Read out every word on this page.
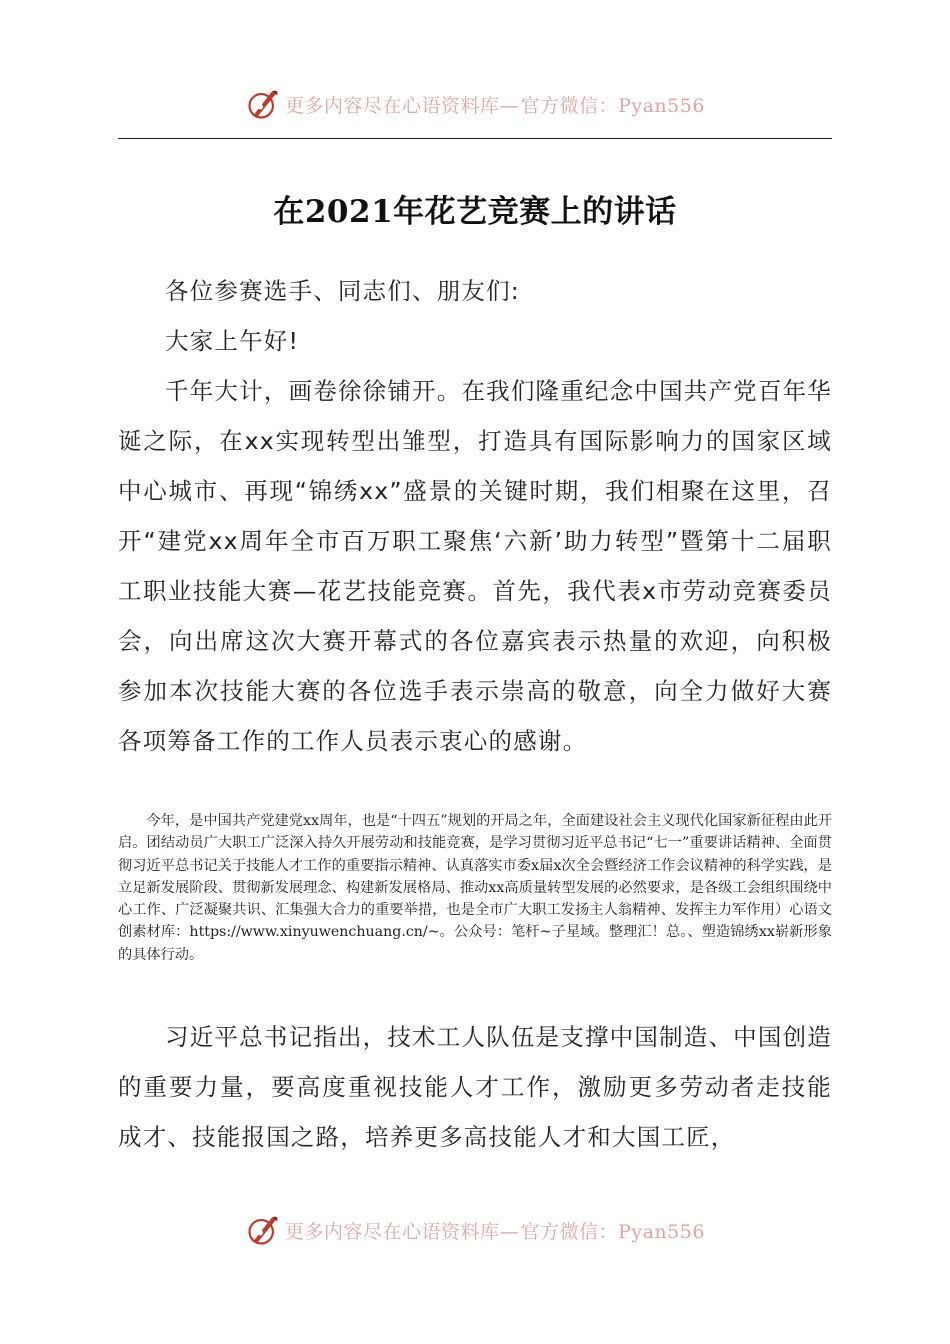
更多内容尽在心语资料库—官方微信：Pyan556
在2021年花艺竞赛上的讲话
各位参赛选手、同志们、朋友们:
大家上午好!

千年大计，画卷徐徐铺开。在我们隆重纪念中国共产党百年华诞之际，在xx实现转型出雏型，打造具有国际影响力的国家区域中心城市、再现“锦绣xx”盛景的关键时期，我们相聚在这里，召开“建党xx周年全市百万职工聚焦‘六新’助力转型”暨第十二届职工职业技能大赛—花艺技能竞赛。首先，我代表x市劳动竞赛委员会，向出席这次大赛开幕式的各位嘉宾表示热量的欢迎，向积极参加本次技能大赛的各位选手表示崇高的敬意，向全力做好大赛各项筹备工作的工作人员表示衷心的感谢。

今年，是中国共产党建党xx周年，也是“十四五”规划的开局之年，全面建设社会主义现代化国家新征程由此开启。团结动员广大职工广泛深入持久开展劳动和技能竞赛，是学习贯彻习近平总书记“七一”重要讲话精神、全面贯彻习近平总书记关于技能人才工作的重要指示精神、认真落实市委x届x次全会暨经济工作会议精神的科学实践，是立足新发展阶段、贯彻新发展理念、构建新发展格局、推动xx高质量转型发展的必然要求，是各级工会组织围绕中心工作、广泛凝聚共识、汇集强大合力的重要举措，也是全市广大职工发扬主人翁精神、发挥主力军作用）心语文创素材库：https://www.xinyuwenchuang.cn/~。公众号：笔杆~子星域。整理汇！总。、塑造锦绣xx崭新形象的具体行动。

习近平总书记指出，技术工人队伍是支撑中国制造、中国创造的重要力量，要高度重视技能人才工作，激励更多劳动者走技能成才、技能报国之路，培养更多高技能人才和大国工匠，

更多内容尽在心语资料库—官方微信：Pyan556
